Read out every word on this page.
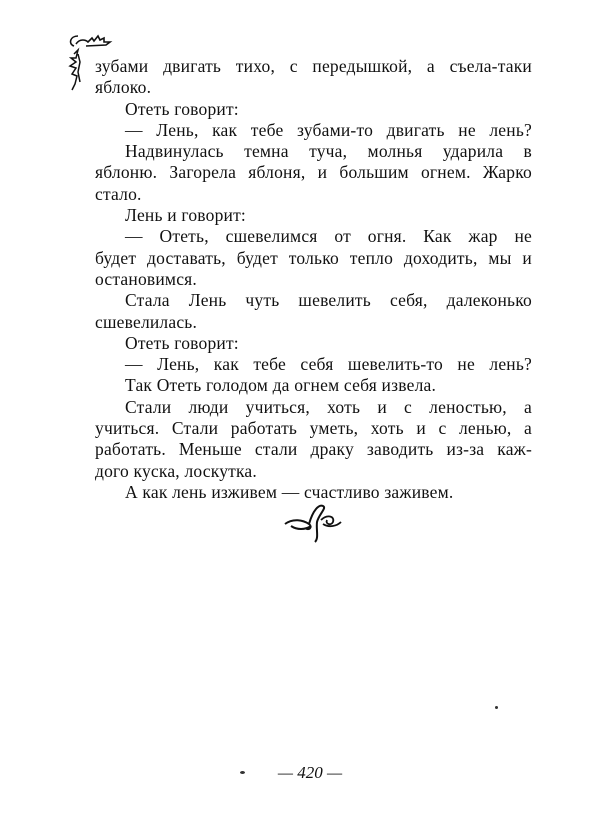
зубами двигать тихо, с передышкой, а съела-таки
яблоко.
Отеть говорит:
— Лень, как тебе зубами-то двигать не лень?
Надвинулась темна туча, молнья ударила в
яблоню. Загорела яблоня, и большим огнем. Жарко
стало.
Лень и говорит:
— Отеть, сшевелимся от огня. Как жар не
будет доставать, будет только тепло доходить, мы и
остановимся.
Стала Лень чуть шевелить себя, далеконько
сшевелилась.
Отеть говорит:
— Лень, как тебе себя шевелить-то не лень?
Так Отеть голодом да огнем себя извела.
Стали люди учиться, хоть и с леностью, а
учиться. Стали работать уметь, хоть и с ленью, а
работать. Меньше стали драку заводить из-за каж-
дого куска, лоскутка.
А как лень изживем — счастливо заживем.
— 420 —
